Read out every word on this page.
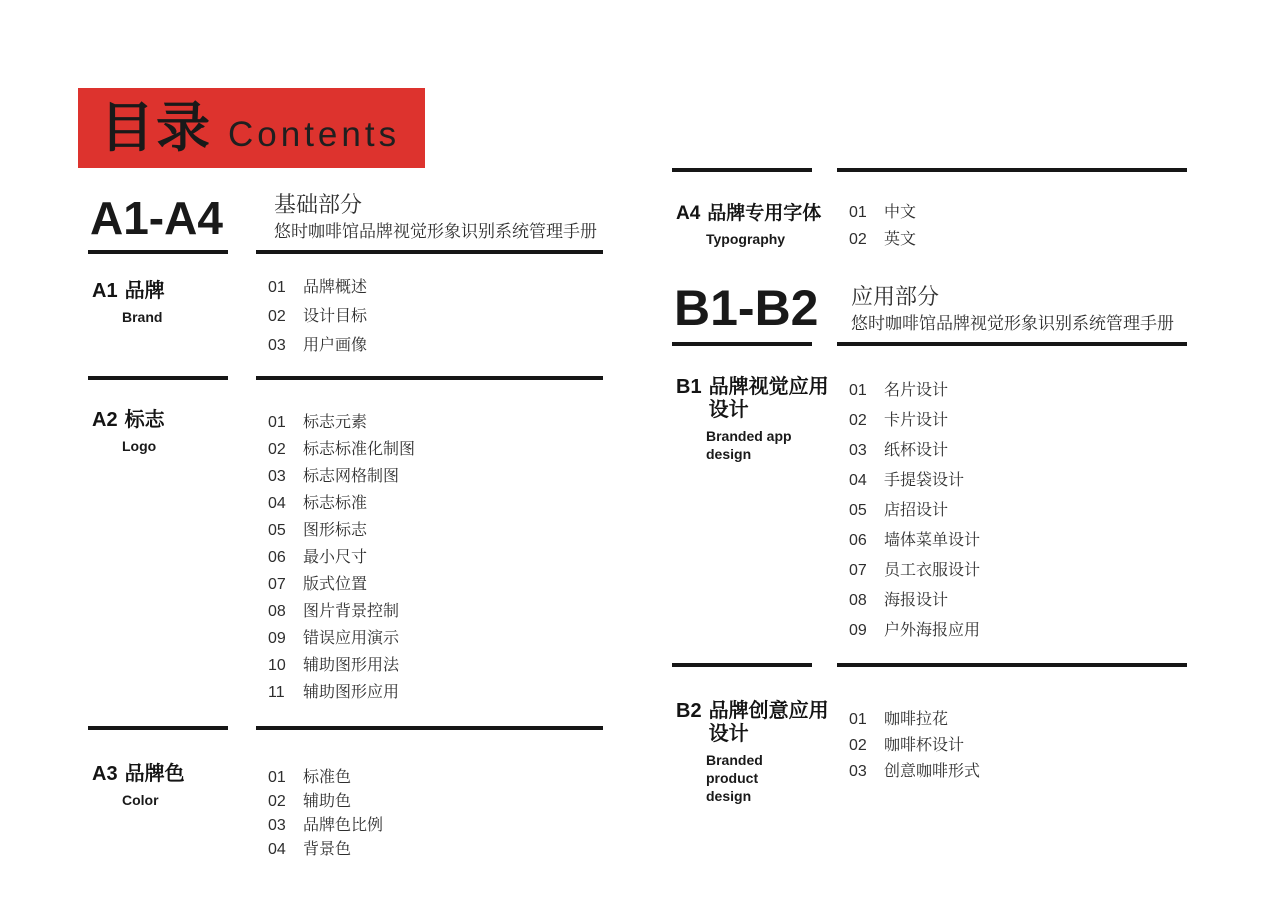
目录 Contents
A1-A4 基础部分
悠时咖啡馆品牌视觉形象识别系统管理手册
A1 品牌
Brand
01	品牌概述
02	设计目标
03	用户画像
A2 标志
Logo
01	标志元素
02	标志标准化制图
03	标志网格制图
04	标志标准
05	图形标志
06	最小尺寸
07	版式位置
08	图片背景控制
09	错误应用演示
10	辅助图形用法
11	辅助图形应用
A3 品牌色
Color
01	标准色
02	辅助色
03	品牌色比例
04	背景色
A4 品牌专用字体
Typography
01	中文
02	英文
B1-B2 应用部分
悠时咖啡馆品牌视觉形象识别系统管理手册
B1 品牌视觉应用
设计
Branded app
design
01	名片设计
02	卡片设计
03	纸杯设计
04	手提袋设计
05	店招设计
06	墙体菜单设计
07	员工衣服设计
08	海报设计
09	户外海报应用
B2 品牌创意应用
设计
Branded product
design
01	咖啡拉花
02	咖啡杯设计
03	创意咖啡形式
